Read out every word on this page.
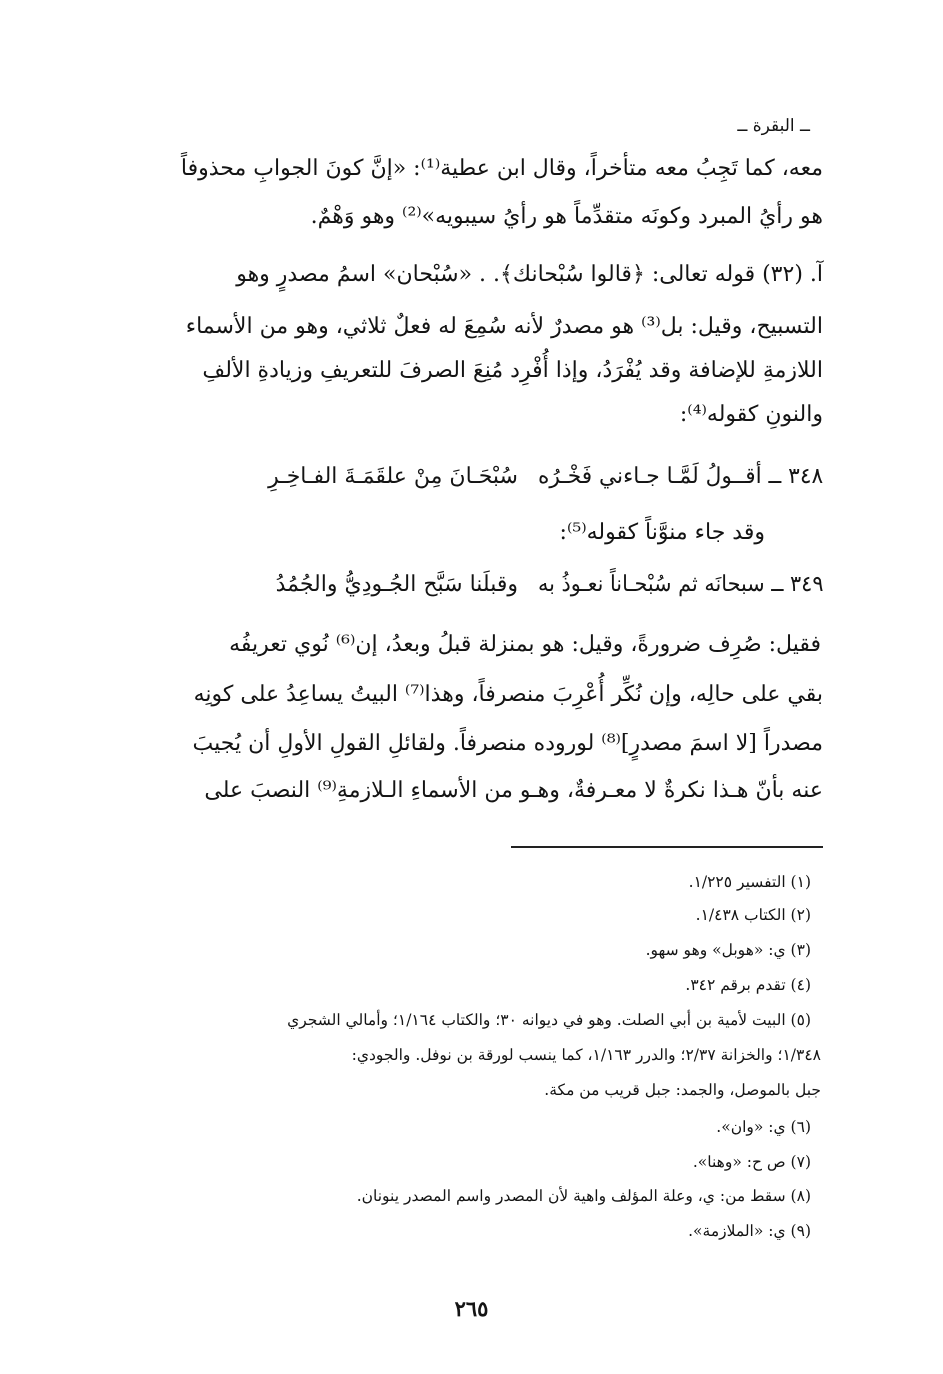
ــ البقرة ــ
معه، كما تَجِبُ معه متأخراً، وقال ابن عطية⁽¹⁾: «إنَّ كونَ الجوابِ محذوفاً
هو رأيُ المبرد وكونَه متقدِّماً هو رأيُ سيبويه»⁽²⁾ وهو وَهْمٌ.
آ. (٣٢) قوله تعالى: ﴿قالوا سُبْحانك﴾. . «سُبْحان» اسمُ مصدرٍ وهو
التسبيح، وقيل: بل⁽³⁾ هو مصدرٌ لأنه سُمِعَ له فعلٌ ثلاثي، وهو من الأسماء
اللازمةِ للإضافة وقد يُفْرَدُ، وإذا أُفْرِد مُنِعَ الصرفَ للتعريفِ وزيادةِ الألفِ
والنونِ كقوله⁽⁴⁾:
٣٤٨ ــ أقــولُ لَمَّـا جـاءني فَخْـرُه
سُبْحَـانَ مِنْ علقَمَـةَ الفـاخِـرِ
وقد جاء منوَّناً كقوله⁽⁵⁾:
٣٤٩ ــ سبحانَه ثم سُبْحـاناً نعـوذُ به
وقبلَنا سَبَّح الجُـودِيُّ والجُمُدُ
فقيل: صُرِف ضرورةً، وقيل: هو بمنزلة قبلُ وبعدُ، إن⁽⁶⁾ نُوي تعريفُه
بقي على حالِه، وإن نُكِّر أُعْرِبَ منصرفاً، وهذا⁽⁷⁾ البيتُ يساعِدُ على كونِه
مصدراً [لا اسمَ مصدرٍ]⁽⁸⁾ لوروده منصرفاً. ولقائلِ القولِ الأولِ أن يُجيبَ
عنه بأنّ هـذا نكرةٌ لا معـرفةٌ، وهـو من الأسماءِ الـلازمةِ⁽⁹⁾ النصبَ على
(١) التفسير ١/٢٢٥.
(٢) الكتاب ١/٤٣٨.
(٣) ي: «هوبل» وهو سهو.
(٤) تقدم برقم ٣٤٢.
(٥) البيت لأمية بن أبي الصلت. وهو في ديوانه ٣٠؛ والكتاب ١/١٦٤؛ وأمالي الشجري
١/٣٤٨؛ والخزانة ٢/٣٧؛ والدرر ١/١٦٣، كما ينسب لورقة بن نوفل. والجودي:
جبل بالموصل، والجمد: جبل قريب من مكة.
(٦) ي: «وان».
(٧) ص ح: «وهنا».
(٨) سقط من: ي، وعلة المؤلف واهية لأن المصدر واسم المصدر ينونان.
(٩) ي: «الملازمة».
٢٦٥
